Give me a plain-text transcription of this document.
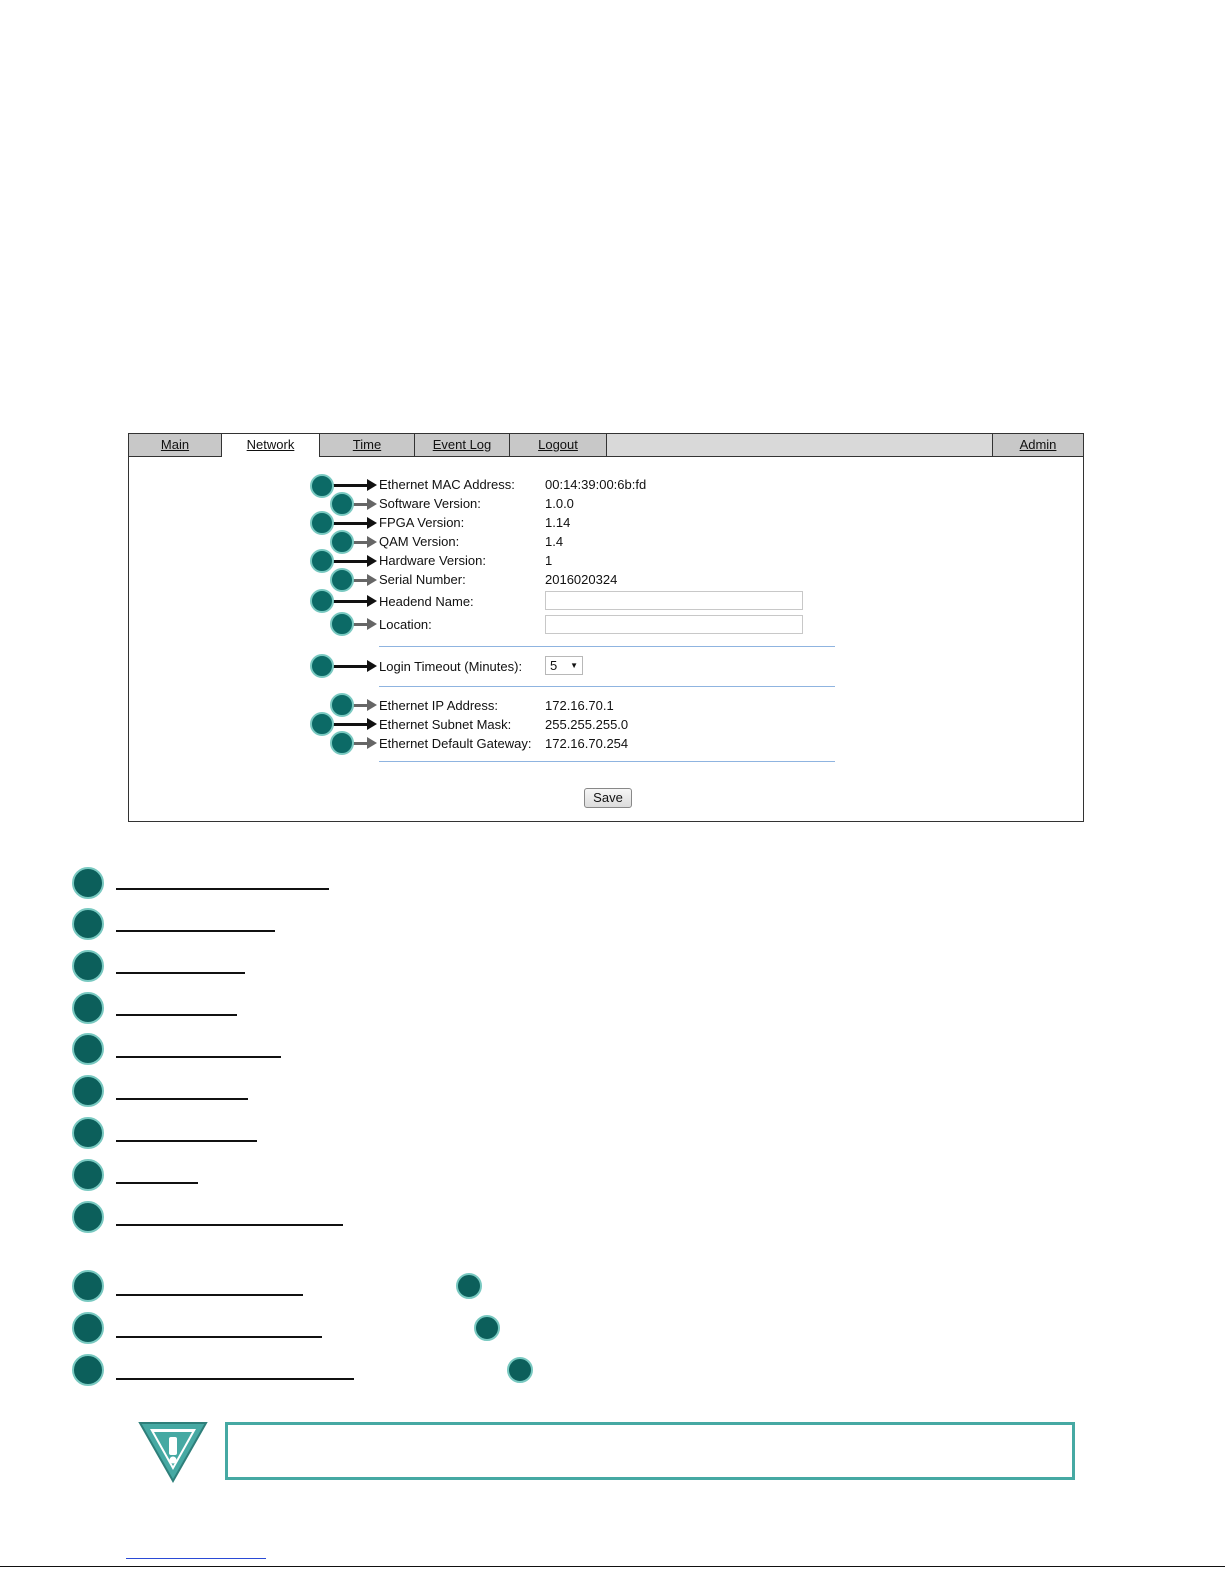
Main	Network	Time	Event Log	Logout	Admin
Ethernet MAC Address: 00:14:39:00:6b:fd
Software Version:	1.0.0
FPGA Version:	1.14
QAM Version:	1.4
Hardware Version:	1
Serial Number:	2016020324
Headend Name:
Location:
Login Timeout (Minutes):	5 ▼
Ethernet IP Address:	172.16.70.1
Ethernet Subnet Mask:	255.255.255.0
Ethernet Default Gateway: 172.16.70.254
Save
